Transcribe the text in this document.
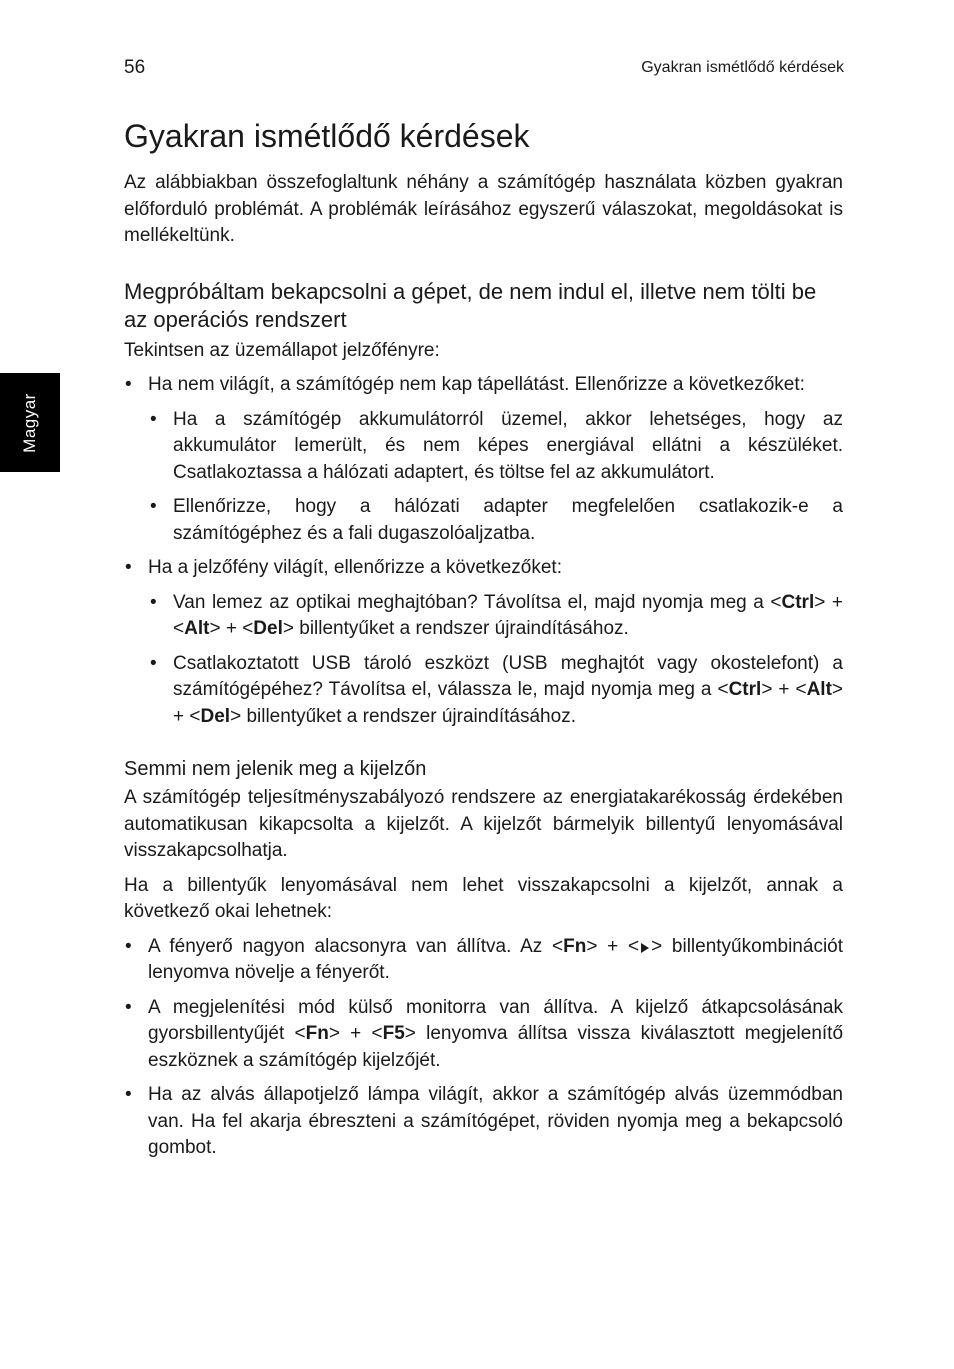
56	Gyakran ismétlődő kérdések
Magyar
Gyakran ismétlődő kérdések

Az alábbiakban összefoglaltunk néhány a számítógép használata közben gyakran előforduló problémát. A problémák leírásához egyszerű válaszokat, megoldásokat is mellékeltünk.

Megpróbáltam bekapcsolni a gépet, de nem indul el, illetve nem tölti be az operációs rendszert

Tekintsen az üzemállapot jelzőfényre:

• Ha nem világít, a számítógép nem kap tápellátást. Ellenőrizze a következőket:

• Ha a számítógép akkumulátorról üzemel, akkor lehetséges, hogy az akkumulátor lemerült, és nem képes energiával ellátni a készüléket. Csatlakoztassa a hálózati adaptert, és töltse fel az akkumulátort.

• Ellenőrizze, hogy a hálózati adapter megfelelően csatlakozik-e a számítógéphez és a fali dugaszolóaljzatba.

• Ha a jelzőfény világít, ellenőrizze a következőket:

• Van lemez az optikai meghajtóban? Távolítsa el, majd nyomja meg a <Ctrl> + <Alt> + <Del> billentyűket a rendszer újraindításához.

• Csatlakoztatott USB tároló eszközt (USB meghajtót vagy okostelefont) a számítógépéhez? Távolítsa el, válassza le, majd nyomja meg a <Ctrl> + <Alt> + <Del> billentyűket a rendszer újraindításához.

Semmi nem jelenik meg a kijelzőn

A számítógép teljesítményszabályozó rendszere az energiatakarékosság érdekében automatikusan kikapcsolta a kijelzőt. A kijelzőt bármelyik billentyű lenyomásával visszakapcsolhatja.

Ha a billentyűk lenyomásával nem lehet visszakapcsolni a kijelzőt, annak a következő okai lehetnek:

• A fényerő nagyon alacsonyra van állítva. Az <Fn> + < > billentyűkombinációt lenyomva növelje a fényerőt.

• A megjelenítési mód külső monitorra van állítva. A kijelző átkapcsolásának gyorsbillentyűjét <Fn> + <F5> lenyomva állítsa vissza kiválasztott megjelenítő eszköznek a számítógép kijelzőjét.

• Ha az alvás állapotjelző lámpa világít, akkor a számítógép alvás üzemmódban van. Ha fel akarja ébreszteni a számítógépet, röviden nyomja meg a bekapcsoló gombot.
